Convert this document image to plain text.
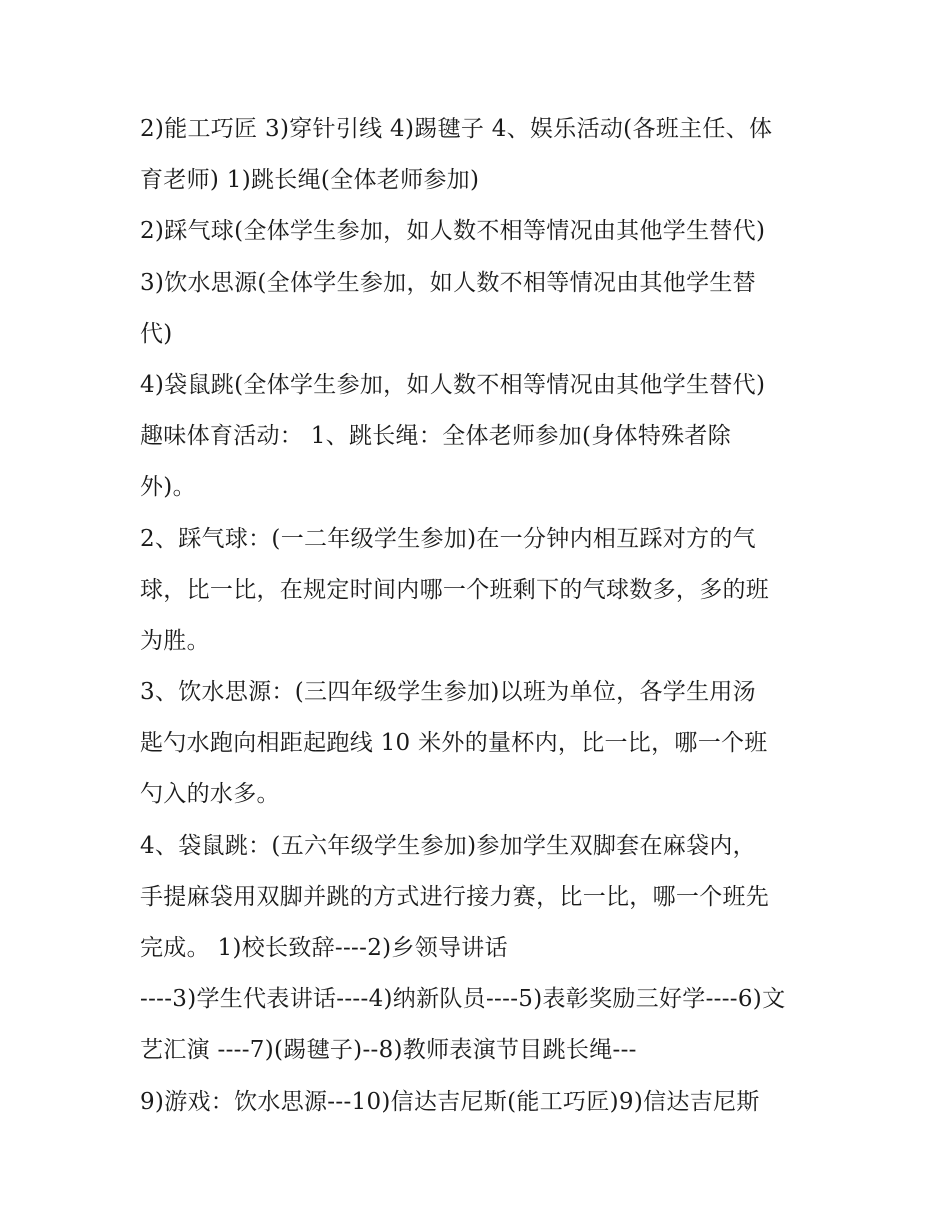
2)能工巧匠 3)穿针引线 4)踢毽子 4、娱乐活动(各班主任、体
育老师) 1)跳长绳(全体老师参加)
2)踩气球(全体学生参加，如人数不相等情况由其他学生替代)
3)饮水思源(全体学生参加，如人数不相等情况由其他学生替
代)
4)袋鼠跳(全体学生参加，如人数不相等情况由其他学生替代)
趣味体育活动： 1、跳长绳：全体老师参加(身体特殊者除
外)。
2、踩气球：(一二年级学生参加)在一分钟内相互踩对方的气
球，比一比，在规定时间内哪一个班剩下的气球数多，多的班
为胜。
3、饮水思源：(三四年级学生参加)以班为单位，各学生用汤
匙勺水跑向相距起跑线 10 米外的量杯内，比一比，哪一个班
勺入的水多。
4、袋鼠跳：(五六年级学生参加)参加学生双脚套在麻袋内，
手提麻袋用双脚并跳的方式进行接力赛，比一比，哪一个班先
完成。 1)校长致辞----2)乡领导讲话
----3)学生代表讲话----4)纳新队员----5)表彰奖励三好学----6)文
艺汇演 ----7)(踢毽子)--8)教师表演节目跳长绳---
9)游戏：饮水思源---10)信达吉尼斯(能工巧匠)9)信达吉尼斯
